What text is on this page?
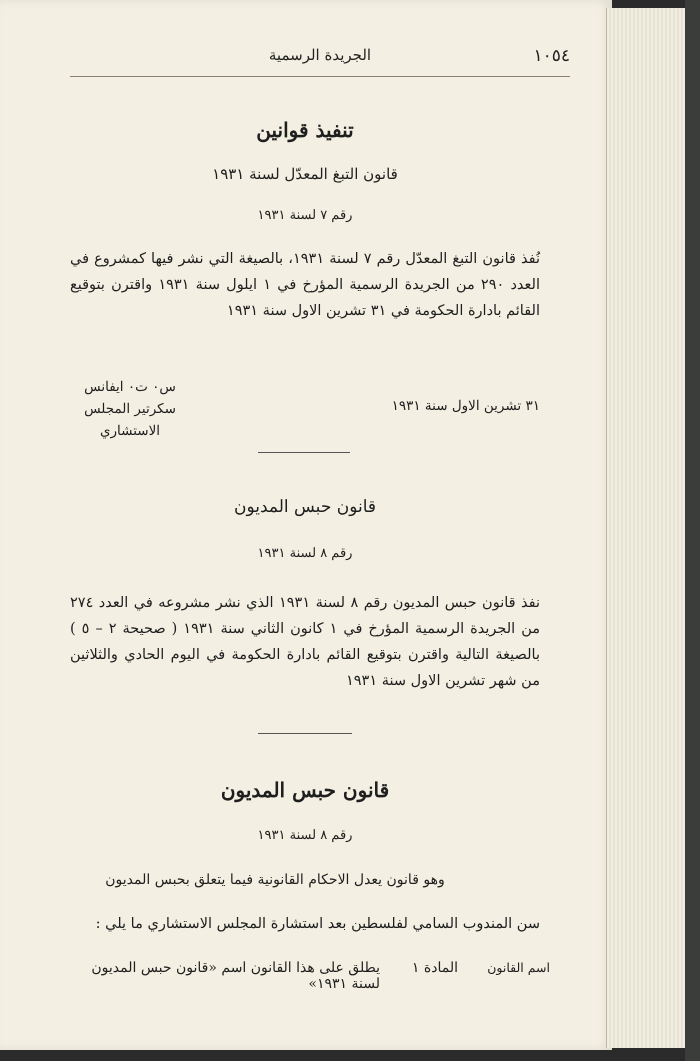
١٠٥٤
الجريدة الرسمية
تنفيذ قوانين
قانون التبغ المعدّل لسنة ١٩٣١
رقم ٧ لسنة ١٩٣١
نُفذ قانون التبغ المعدّل رقم ٧ لسنة ١٩٣١، بالصيغة التي نشر فيها كمشروع في العدد ٢٩٠ من الجريدة الرسمية المؤرخ في ١ ايلول سنة ١٩٣١ واقترن بتوقيع القائم بادارة الحكومة في ٣١ تشرين الاول سنة ١٩٣١
س٠ ت٠ ايفانس
سكرتير المجلس الاستشاري
٣١ تشرين الاول سنة ١٩٣١
قانون حبس المديون
رقم ٨ لسنة ١٩٣١
نفذ قانون حبس المديون رقم ٨ لسنة ١٩٣١ الذي نشر مشروعه في العدد ٢٧٤ من الجريدة الرسمية المؤرخ في ١ كانون الثاني سنة ١٩٣١ ( صحيحة ٢ – ٥ ) بالصيغة التالية واقترن بتوقيع القائم بادارة الحكومة في اليوم الحادي والثلاثين من شهر تشرين الاول سنة ١٩٣١
قانون حبس المديون
رقم ٨ لسنة ١٩٣١
وهو قانون يعدل الاحكام القانونية فيما يتعلق بحبس المديون
سن المندوب السامي لفلسطين بعد استشارة المجلس الاستشاري ما يلي :
اسم القانون
المادة ١
يطلق على هذا القانون اسم «قانون حبس المديون لسنة ١٩٣١»
